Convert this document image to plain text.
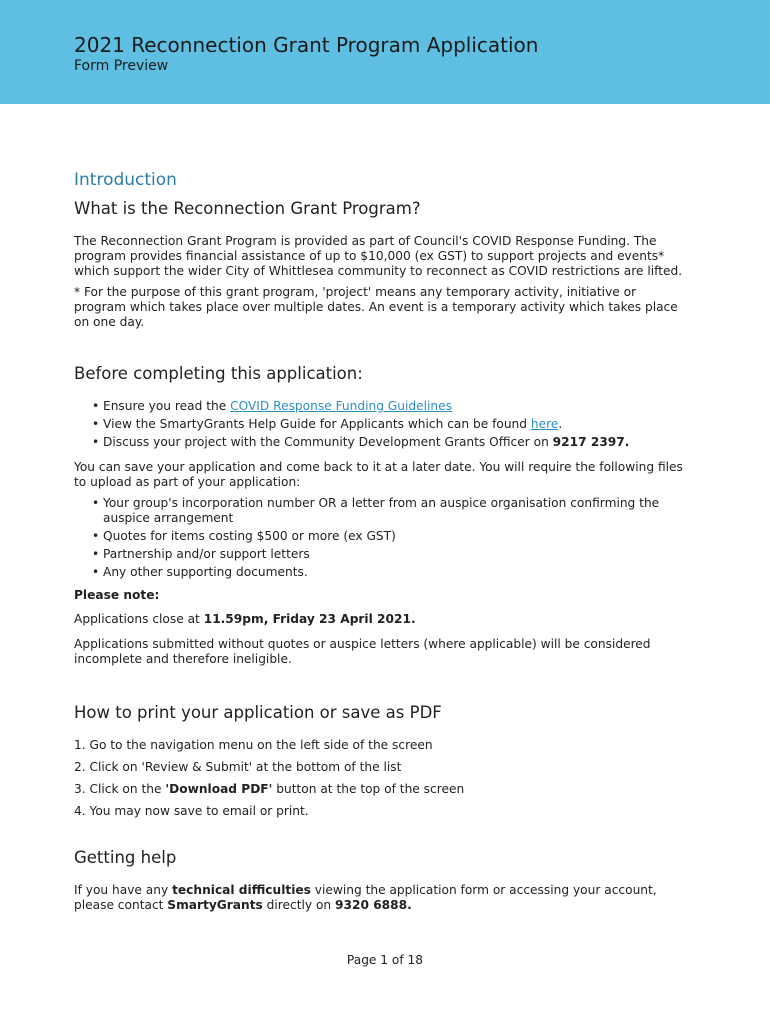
2021 Reconnection Grant Program Application
Form Preview
Introduction
What is the Reconnection Grant Program?

The Reconnection Grant Program is provided as part of Council's COVID Response Funding. The program provides financial assistance of up to $10,000 (ex GST) to support projects and events* which support the wider City of Whittlesea community to reconnect as COVID restrictions are lifted.

* For the purpose of this grant program, 'project' means any temporary activity, initiative or program which takes place over multiple dates. An event is a temporary activity which takes place on one day.

Before completing this application:
• Ensure you read the COVID Response Funding Guidelines
• View the SmartyGrants Help Guide for Applicants which can be found here.
• Discuss your project with the Community Development Grants Officer on 9217 2397.

You can save your application and come back to it at a later date. You will require the following files to upload as part of your application:

• Your group's incorporation number OR a letter from an auspice organisation confirming the auspice arrangement
• Quotes for items costing $500 or more (ex GST)
• Partnership and/or support letters
• Any other supporting documents.

Please note:

Applications close at 11.59pm, Friday 23 April 2021.

Applications submitted without quotes or auspice letters (where applicable) will be considered incomplete and therefore ineligible.

How to print your application or save as PDF
1. Go to the navigation menu on the left side of the screen
2. Click on 'Review & Submit' at the bottom of the list
3. Click on the 'Download PDF' button at the top of the screen
4. You may now save to email or print.
Getting help

If you have any technical difficulties viewing the application form or accessing your account, please contact SmartyGrants directly on 9320 6888.

Page 1 of 18
